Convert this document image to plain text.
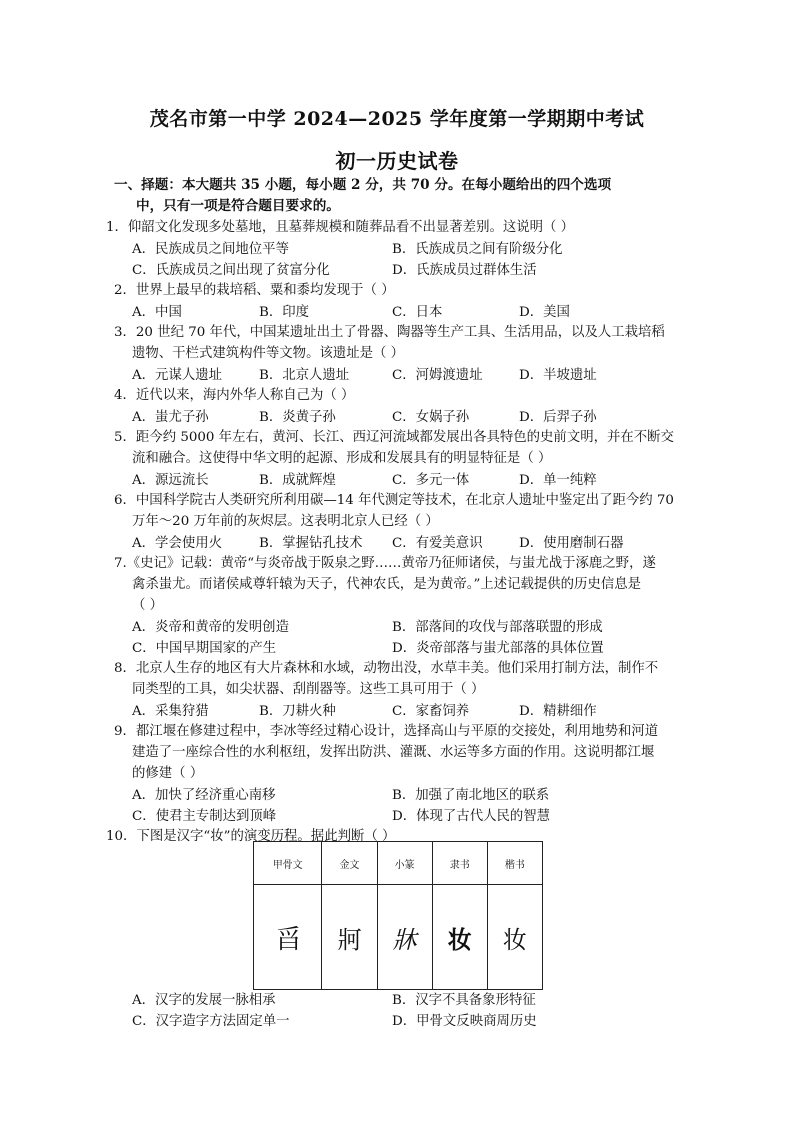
茂名市第一中学 2024—2025 学年度第一学期期中考试
初一历史试卷
一、择题：本大题共 35 小题，每小题 2 分，共 70 分。在每小题给出的四个选项
中，只有一项是符合题目要求的。
1．仰韶文化发现多处墓地，且墓葬规模和随葬品看不出显著差别。这说明（ ）
A．民族成员之间地位平等	B．氏族成员之间有阶级分化
C．氏族成员之间出现了贫富分化	D．氏族成员过群体生活
2．世界上最早的栽培稻、粟和黍均发现于（ ）
A．中国	B．印度	C．日本	D．美国
3．20 世纪 70 年代，中国某遗址出土了骨器、陶器等生产工具、生活用品，以及人工栽培稻
遗物、干栏式建筑构件等文物。该遗址是（ ）
A．元谋人遗址	B．北京人遗址	C．河姆渡遗址	D．半坡遗址
4．近代以来，海内外华人称自己为（ ）
A．蚩尤子孙	B．炎黄子孙	C．女娲子孙	D．后羿子孙
5．距今约 5000 年左右，黄河、长江、西辽河流域都发展出各具特色的史前文明，并在不断交
流和融合。这使得中华文明的起源、形成和发展具有的明显特征是（ ）
A．源远流长	B．成就辉煌	C．多元一体	D．单一纯粹
6．中国科学院古人类研究所利用碳—14 年代测定等技术，在北京人遗址中鉴定出了距今约 70
万年～20 万年前的灰烬层。这表明北京人已经（ ）
A．学会使用火	B．掌握钻孔技术 C．有爱美意识	D．使用磨制石器
7.《史记》记载：黄帝“与炎帝战于阪泉之野……黄帝乃征师诸侯，与蚩尤战于涿鹿之野，遂
禽杀蚩尤。而诸侯咸尊轩辕为天子，代神农氏，是为黄帝。”上述记载提供的历史信息是
（ ）
A．炎帝和黄帝的发明创造	B．部落间的攻伐与部落联盟的形成
C．中国早期国家的产生	D．炎帝部落与蚩尤部落的具体位置
8．北京人生存的地区有大片森林和水域，动物出没，水草丰美。他们采用打制方法，制作不
同类型的工具，如尖状器、刮削器等。这些工具可用于（ ）
A．采集狩猎	B．刀耕火种	C．家畜饲养	D．精耕细作
9．都江堰在修建过程中，李冰等经过精心设计，选择高山与平原的交接处，利用地势和河道
建造了一座综合性的水利枢纽，发挥出防洪、灌溉、水运等多方面的作用。这说明都江堰
的修建（ ）
A．加快了经济重心南移	B．加强了南北地区的联系
C．使君主专制达到顶峰	D．体现了古代人民的智慧
10．下图是汉字“妆”的演变历程。据此判断（ ）
甲骨文	金文	小篆	隶书	楷书
㸓	牁	牀	妆	妆
A．汉字的发展一脉相承	B．汉字不具备象形特征
C．汉字造字方法固定单一	D．甲骨文反映商周历史
